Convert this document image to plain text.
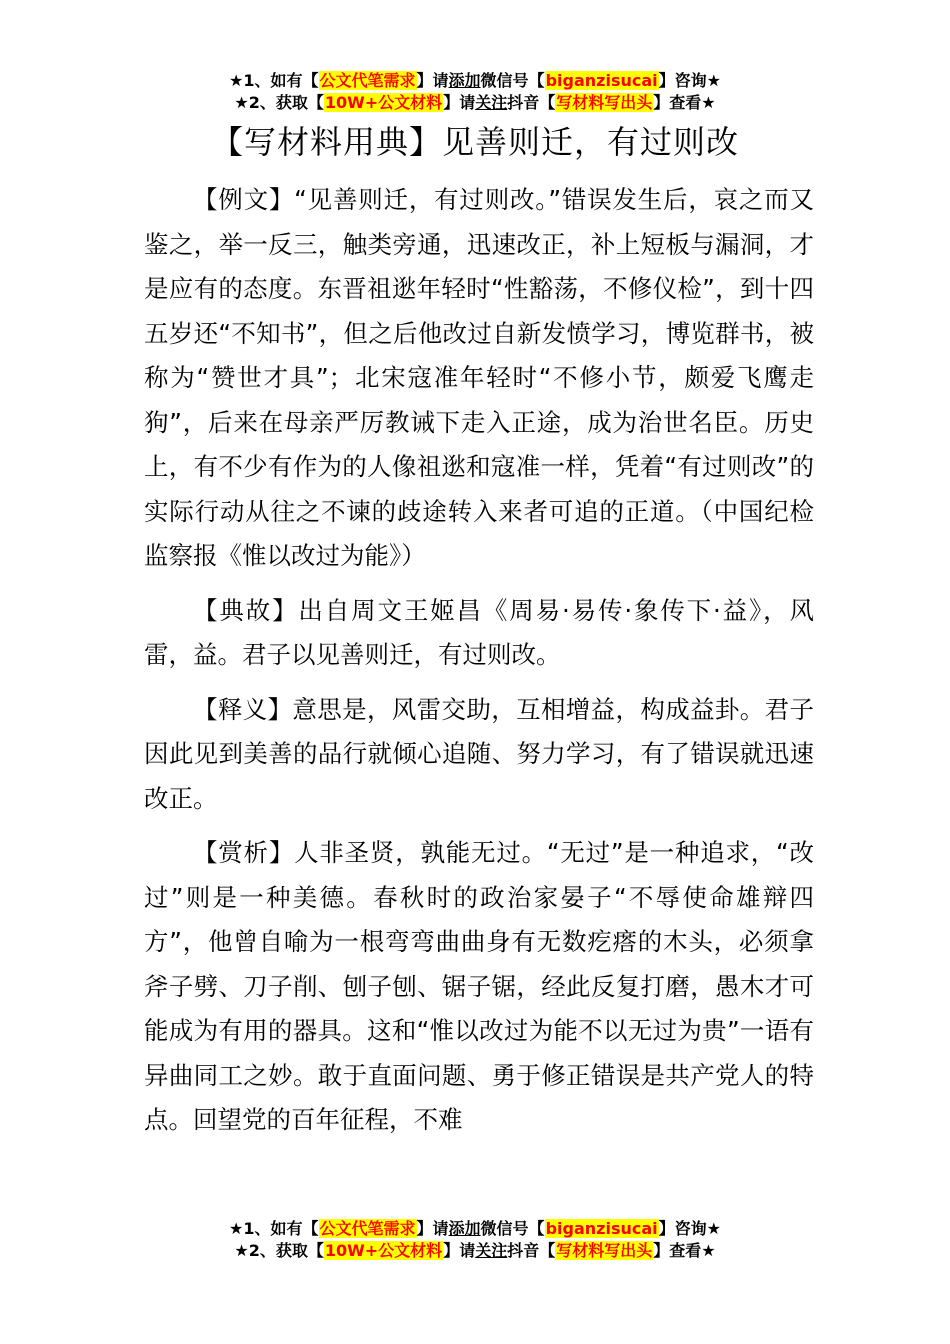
★1、如有【公文代笔需求】请添加微信号【biganzisucai】咨询★
★2、获取【10W+公文材料】请关注抖音【写材料写出头】查看★
【写材料用典】见善则迁，有过则改

【例文】“见善则迁，有过则改。”错误发生后，哀之而又鉴之，举一反三，触类旁通，迅速改正，补上短板与漏洞，才是应有的态度。东晋祖逖年轻时“性豁荡，不修仪检”，到十四五岁还“不知书”，但之后他改过自新发愤学习，博览群书，被称为“赞世才具”；北宋寇准年轻时“不修小节，颇爱飞鹰走狗”，后来在母亲严厉教诫下走入正途，成为治世名臣。历史上，有不少有作为的人像祖逖和寇准一样，凭着“有过则改”的实际行动从往之不谏的歧途转入来者可追的正道。（中国纪检监察报《惟以改过为能》）

【典故】出自周文王姬昌《周易·易传·象传下·益》，风雷，益。君子以见善则迁，有过则改。

【释义】意思是，风雷交助，互相增益，构成益卦。君子因此见到美善的品行就倾心追随、努力学习，有了错误就迅速改正。

【赏析】人非圣贤，孰能无过。“无过”是一种追求，“改过”则是一种美德。春秋时的政治家晏子“不辱使命雄辩四方”，他曾自喻为一根弯弯曲曲身有无数疙瘩的木头，必须拿斧子劈、刀子削、刨子刨、锯子锯，经此反复打磨，愚木才可能成为有用的器具。这和“惟以改过为能不以无过为贵”一语有异曲同工之妙。敢于直面问题、勇于修正错误是共产党人的特点。回望党的百年征程，不难

★1、如有【公文代笔需求】请添加微信号【biganzisucai】咨询★
★2、获取【10W+公文材料】请关注抖音【写材料写出头】查看★
